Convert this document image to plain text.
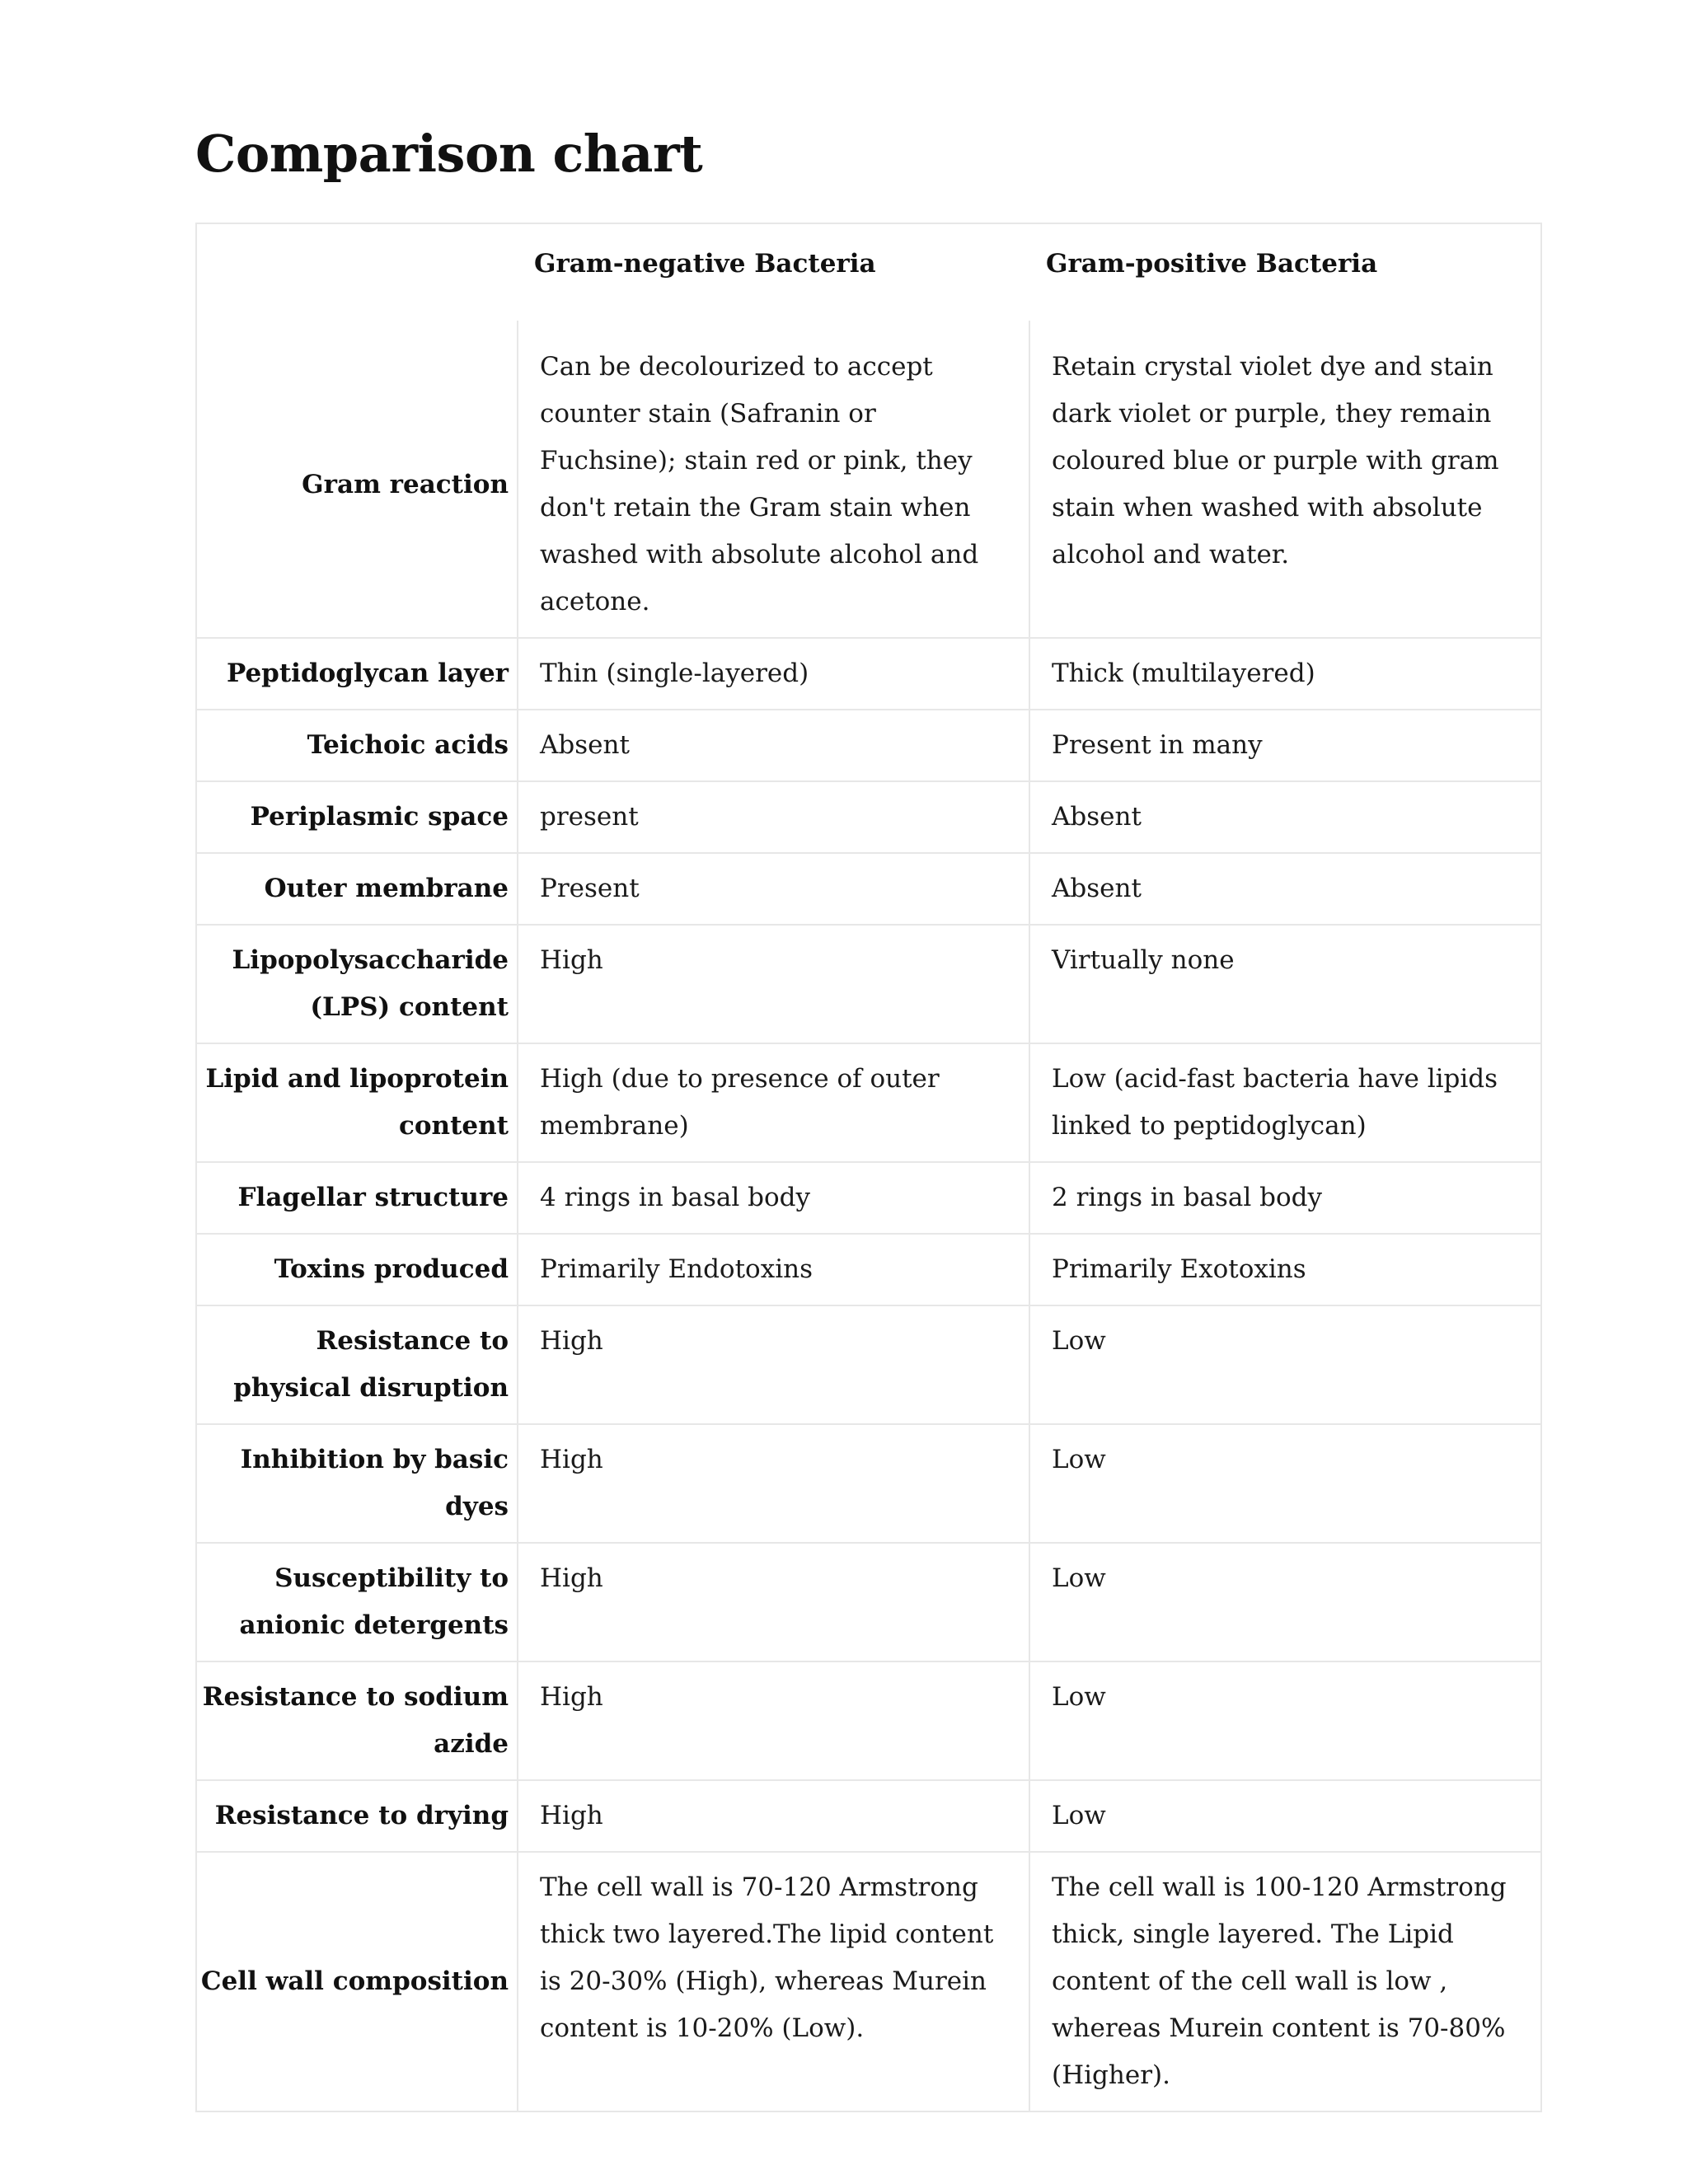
Comparison chart
	Gram-negative Bacteria	Gram-positive Bacteria
Gram reaction	Can be decolourized to accept counter stain (Safranin or Fuchsine); stain red or pink, they don't retain the Gram stain when washed with absolute alcohol and acetone.	Retain crystal violet dye and stain dark violet or purple, they remain coloured blue or purple with gram stain when washed with absolute alcohol and water.
Peptidoglycan layer	Thin (single-layered)	Thick (multilayered)
Teichoic acids	Absent	Present in many
Periplasmic space	present	Absent
Outer membrane	Present	Absent
Lipopolysaccharide (LPS) content	High	Virtually none
Lipid and lipoprotein content	High (due to presence of outer membrane)	Low (acid-fast bacteria have lipids linked to peptidoglycan)
Flagellar structure	4 rings in basal body	2 rings in basal body
Toxins produced	Primarily Endotoxins	Primarily Exotoxins
Resistance to physical disruption	High	Low
Inhibition by basic dyes	High	Low
Susceptibility to anionic detergents	High	Low
Resistance to sodium azide	High	Low
Resistance to drying	High	Low
Cell wall composition	The cell wall is 70-120 Armstrong thick two layered.The lipid content is 20-30% (High), whereas Murein content is 10-20% (Low).	The cell wall is 100-120 Armstrong thick, single layered. The Lipid content of the cell wall is low , whereas Murein content is 70-80% (Higher).
